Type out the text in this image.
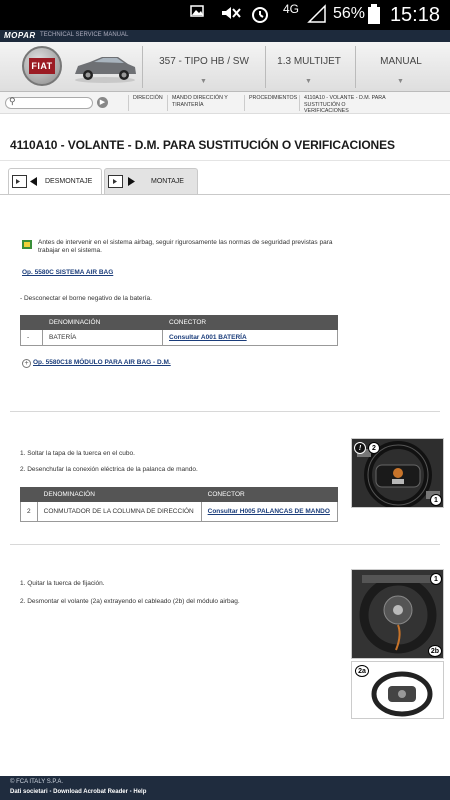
4G 56% 15:18
MOPAR TECHNICAL SERVICE MANUAL
FIAT	357 - TIPO HB / SW
▼
1.3 MULTIJET
▼
MANUAL
▼
⚲	▶
DIRECCIÓN	MANDO DIRECCIÓN Y TIRANTERÍA
PROCEDIMIENTOS	4110A10 - VOLANTE - D.M. PARA SUSTITUCIÓN O VERIFICACIONES
4110A10 - VOLANTE - D.M. PARA SUSTITUCIÓN O VERIFICACIONES
DESMONTAJE	MONTAJE
Antes de intervenir en el sistema airbag, seguir rigurosamente las normas de seguridad previstas para trabajar en el sistema.
Op. 5580C SISTEMA AIR BAG
- Desconectar el borne negativo de la batería.
	DENOMINACIÓN	CONECTOR
-	BATERÍA	Consultar A001 BATERÍA
+ Op. 5580C18 MÓDULO PARA AIR BAG - D.M.
1. Soltar la tapa de la tuerca en el cubo.
2. Desenchufar la conexión eléctrica de la palanca de mando.
	DENOMINACIÓN	CONECTOR
2	CONMUTADOR DE LA COLUMNA DE DIRECCIÓN	Consultar H005 PALANCAS DE MANDO
2
!
1
1. Quitar la tuerca de fijación.
2. Desmontar el volante (2a) extrayendo el cableado (2b) del módulo airbag.
1
2b
2a
© FCA ITALY S.P.A.
Dati societari • Download Acrobat Reader • Help
